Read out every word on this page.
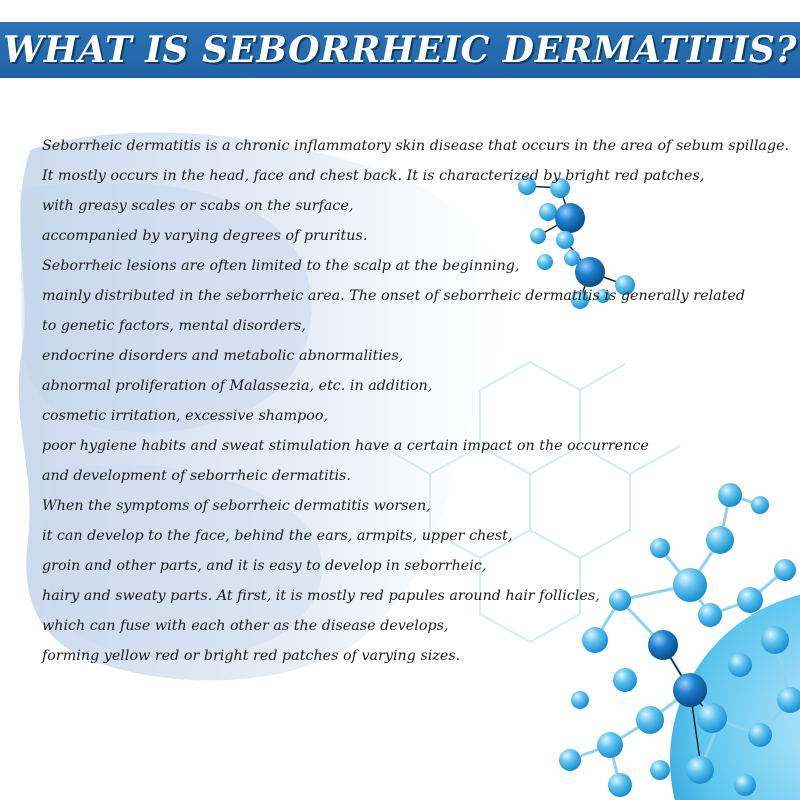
WHAT IS SEBORRHEIC DERMATITIS?
Seborrheic dermatitis is a chronic inflammatory skin disease that occurs in the area of sebum spillage.
It mostly occurs in the head, face and chest back. It is characterized by bright red patches,
with greasy scales or scabs on the surface,
accompanied by varying degrees of pruritus.
Seborrheic lesions are often limited to the scalp at the beginning,
mainly distributed in the seborrheic area. The onset of seborrheic dermatitis is generally related
to genetic factors, mental disorders,
endocrine disorders and metabolic abnormalities,
abnormal proliferation of Malassezia, etc. in addition,
cosmetic irritation, excessive shampoo,
poor hygiene habits and sweat stimulation have a certain impact on the occurrence
and development of seborrheic dermatitis.
When the symptoms of seborrheic dermatitis worsen,
it can develop to the face, behind the ears, armpits, upper chest,
groin and other parts, and it is easy to develop in seborrheic,
hairy and sweaty parts. At first, it is mostly red papules around hair follicles,
which can fuse with each other as the disease develops,
forming yellow red or bright red patches of varying sizes.
